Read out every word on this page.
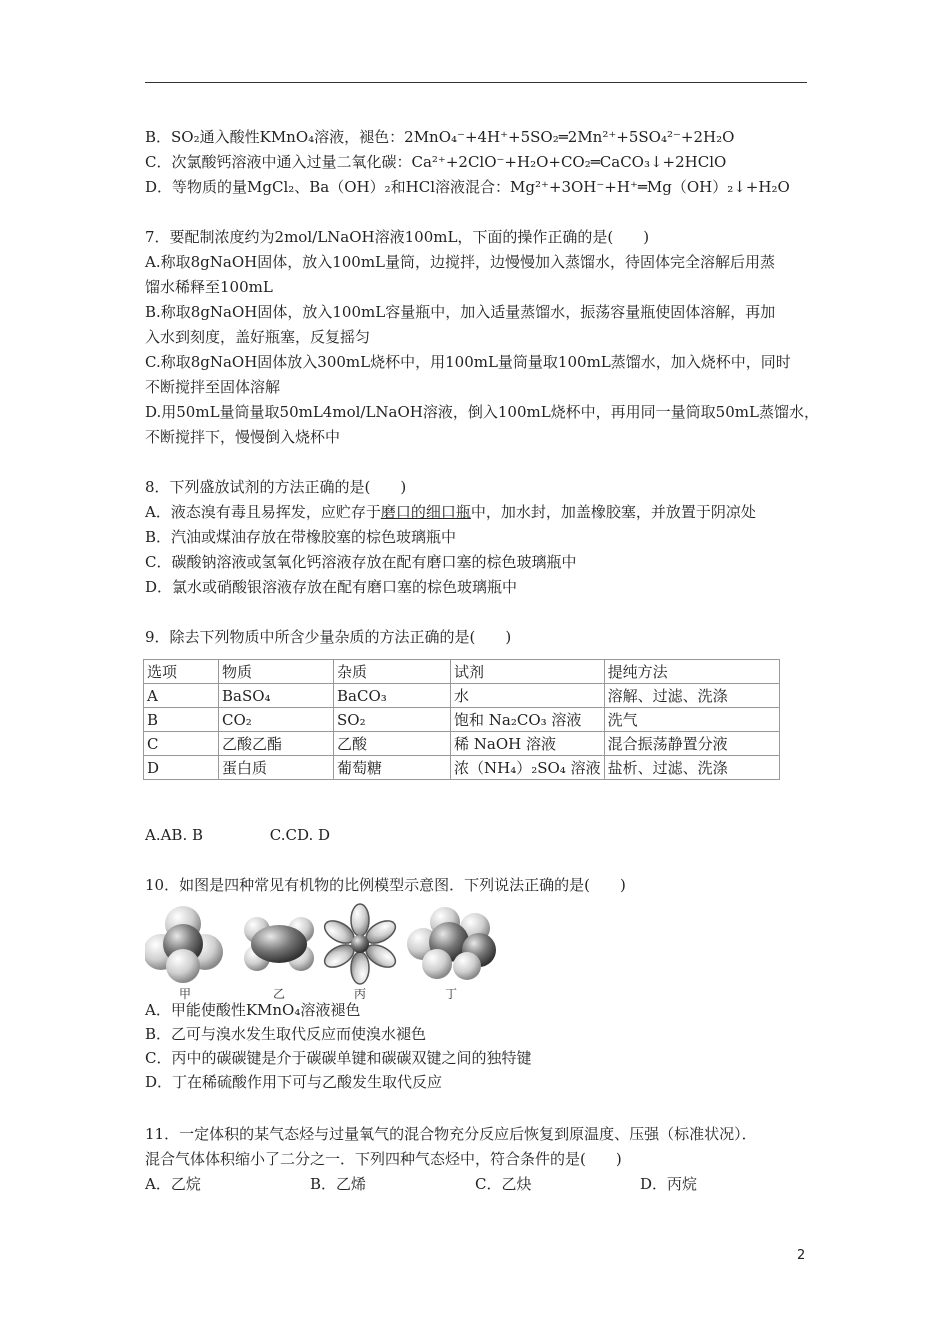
B．SO₂通入酸性KMnO₄溶液，褪色：2MnO₄⁻+4H⁺+5SO₂═2Mn²⁺+5SO₄²⁻+2H₂O
C．次氯酸钙溶液中通入过量二氧化碳：Ca²⁺+2ClO⁻+H₂O+CO₂═CaCO₃↓+2HClO
D．等物质的量MgCl₂、Ba（OH）₂和HCl溶液混合：Mg²⁺+3OH⁻+H⁺═Mg（OH）₂↓+H₂O
7．要配制浓度约为2mol/LNaOH溶液100mL，下面的操作正确的是(　　)
A.称取8gNaOH固体，放入100mL量筒，边搅拌，边慢慢加入蒸馏水，待固体完全溶解后用蒸
馏水稀释至100mL
B.称取8gNaOH固体，放入100mL容量瓶中，加入适量蒸馏水，振荡容量瓶使固体溶解，再加
入水到刻度，盖好瓶塞，反复摇匀
C.称取8gNaOH固体放入300mL烧杯中，用100mL量筒量取100mL蒸馏水，加入烧杯中，同时
不断搅拌至固体溶解
D.用50mL量筒量取50mL4mol/LNaOH溶液，倒入100mL烧杯中，再用同一量筒取50mL蒸馏水，
不断搅拌下，慢慢倒入烧杯中
8．下列盛放试剂的方法正确的是(　　)
A．液态溴有毒且易挥发，应贮存于磨口的细口瓶中，加水封，加盖橡胶塞，并放置于阴凉处
B．汽油或煤油存放在带橡胶塞的棕色玻璃瓶中
C．碳酸钠溶液或氢氧化钙溶液存放在配有磨口塞的棕色玻璃瓶中
D．氯水或硝酸银溶液存放在配有磨口塞的棕色玻璃瓶中
9．除去下列物质中所含少量杂质的方法正确的是(　　)
选项	物质	杂质	试剂	提纯方法
A	BaSO₄	BaCO₃	水	溶解、过滤、洗涤
B	CO₂	SO₂	饱和 Na₂CO₃ 溶液	洗气
C	乙酸乙酯	乙酸	稀 NaOH 溶液	混合振荡静置分液
D	蛋白质	葡萄糖	浓（NH₄）₂SO₄ 溶液	盐析、过滤、洗涤
A.AB. B              C.CD. D
10．如图是四种常见有机物的比例模型示意图．下列说法正确的是(　　)
甲	乙	丙	丁
A．甲能使酸性KMnO₄溶液褪色
B．乙可与溴水发生取代反应而使溴水褪色
C．丙中的碳碳键是介于碳碳单键和碳碳双键之间的独特键
D．丁在稀硫酸作用下可与乙酸发生取代反应
11．一定体积的某气态烃与过量氧气的混合物充分反应后恢复到原温度、压强（标准状况）．
混合气体体积缩小了二分之一．下列四种气态烃中，符合条件的是(　　)
A．乙烷	B．乙烯	C．乙炔	D．丙烷
2
